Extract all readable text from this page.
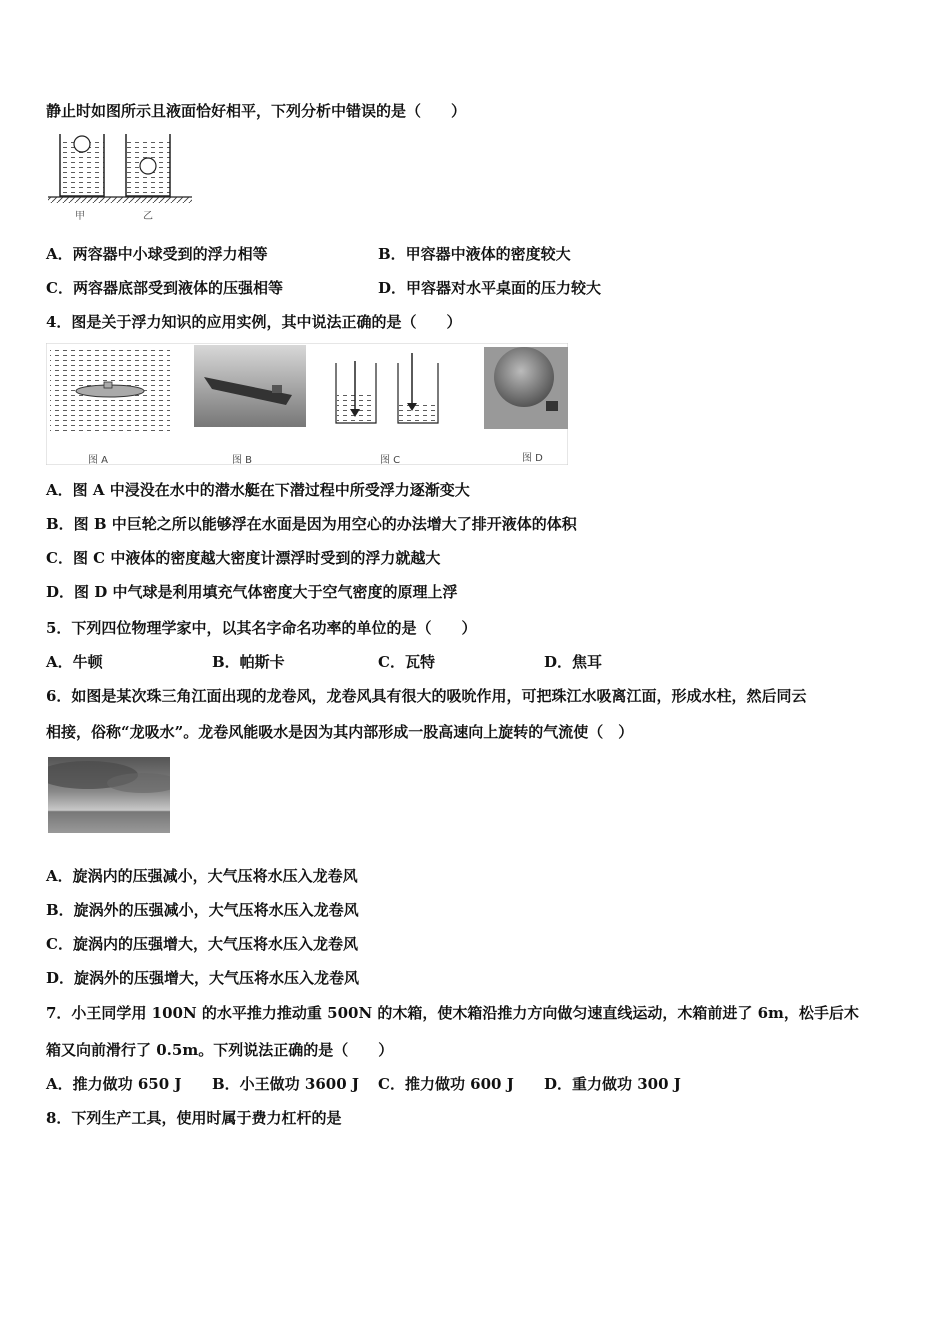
静止时如图所示且液面恰好相平，下列分析中错误的是（　　）
甲	乙
A．两容器中小球受到的浮力相等	B．甲容器中液体的密度较大
C．两容器底部受到液体的压强相等	D．甲容器对水平桌面的压力较大
4．图是关于浮力知识的应用实例，其中说法正确的是（　　）
图 A	图 B	图 C	图 D
A．图 A 中浸没在水中的潜水艇在下潜过程中所受浮力逐渐变大
B．图 B 中巨轮之所以能够浮在水面是因为用空心的办法增大了排开液体的体积
C．图 C 中液体的密度越大密度计漂浮时受到的浮力就越大
D．图 D 中气球是利用填充气体密度大于空气密度的原理上浮
5．下列四位物理学家中，以其名字命名功率的单位的是（　　）
A．牛顿	B．帕斯卡	C．瓦特	D．焦耳
6．如图是某次珠三角江面出现的龙卷风，龙卷风具有很大的吸吮作用，可把珠江水吸离江面，形成水柱，然后同云
相接，俗称“龙吸水”。龙卷风能吸水是因为其内部形成一股高速向上旋转的气流使（　）
A．旋涡内的压强减小，大气压将水压入龙卷风
B．旋涡外的压强减小，大气压将水压入龙卷风
C．旋涡内的压强增大，大气压将水压入龙卷风
D．旋涡外的压强增大，大气压将水压入龙卷风
7．小王同学用 100N 的水平推力推动重 500N 的木箱，使木箱沿推力方向做匀速直线运动，木箱前进了 6m，松手后木
箱又向前滑行了 0.5m。下列说法正确的是（　　）
A．推力做功 650 J B．小王做功 3600 J C．推力做功 600 J D．重力做功 300 J
8．下列生产工具，使用时属于费力杠杆的是
